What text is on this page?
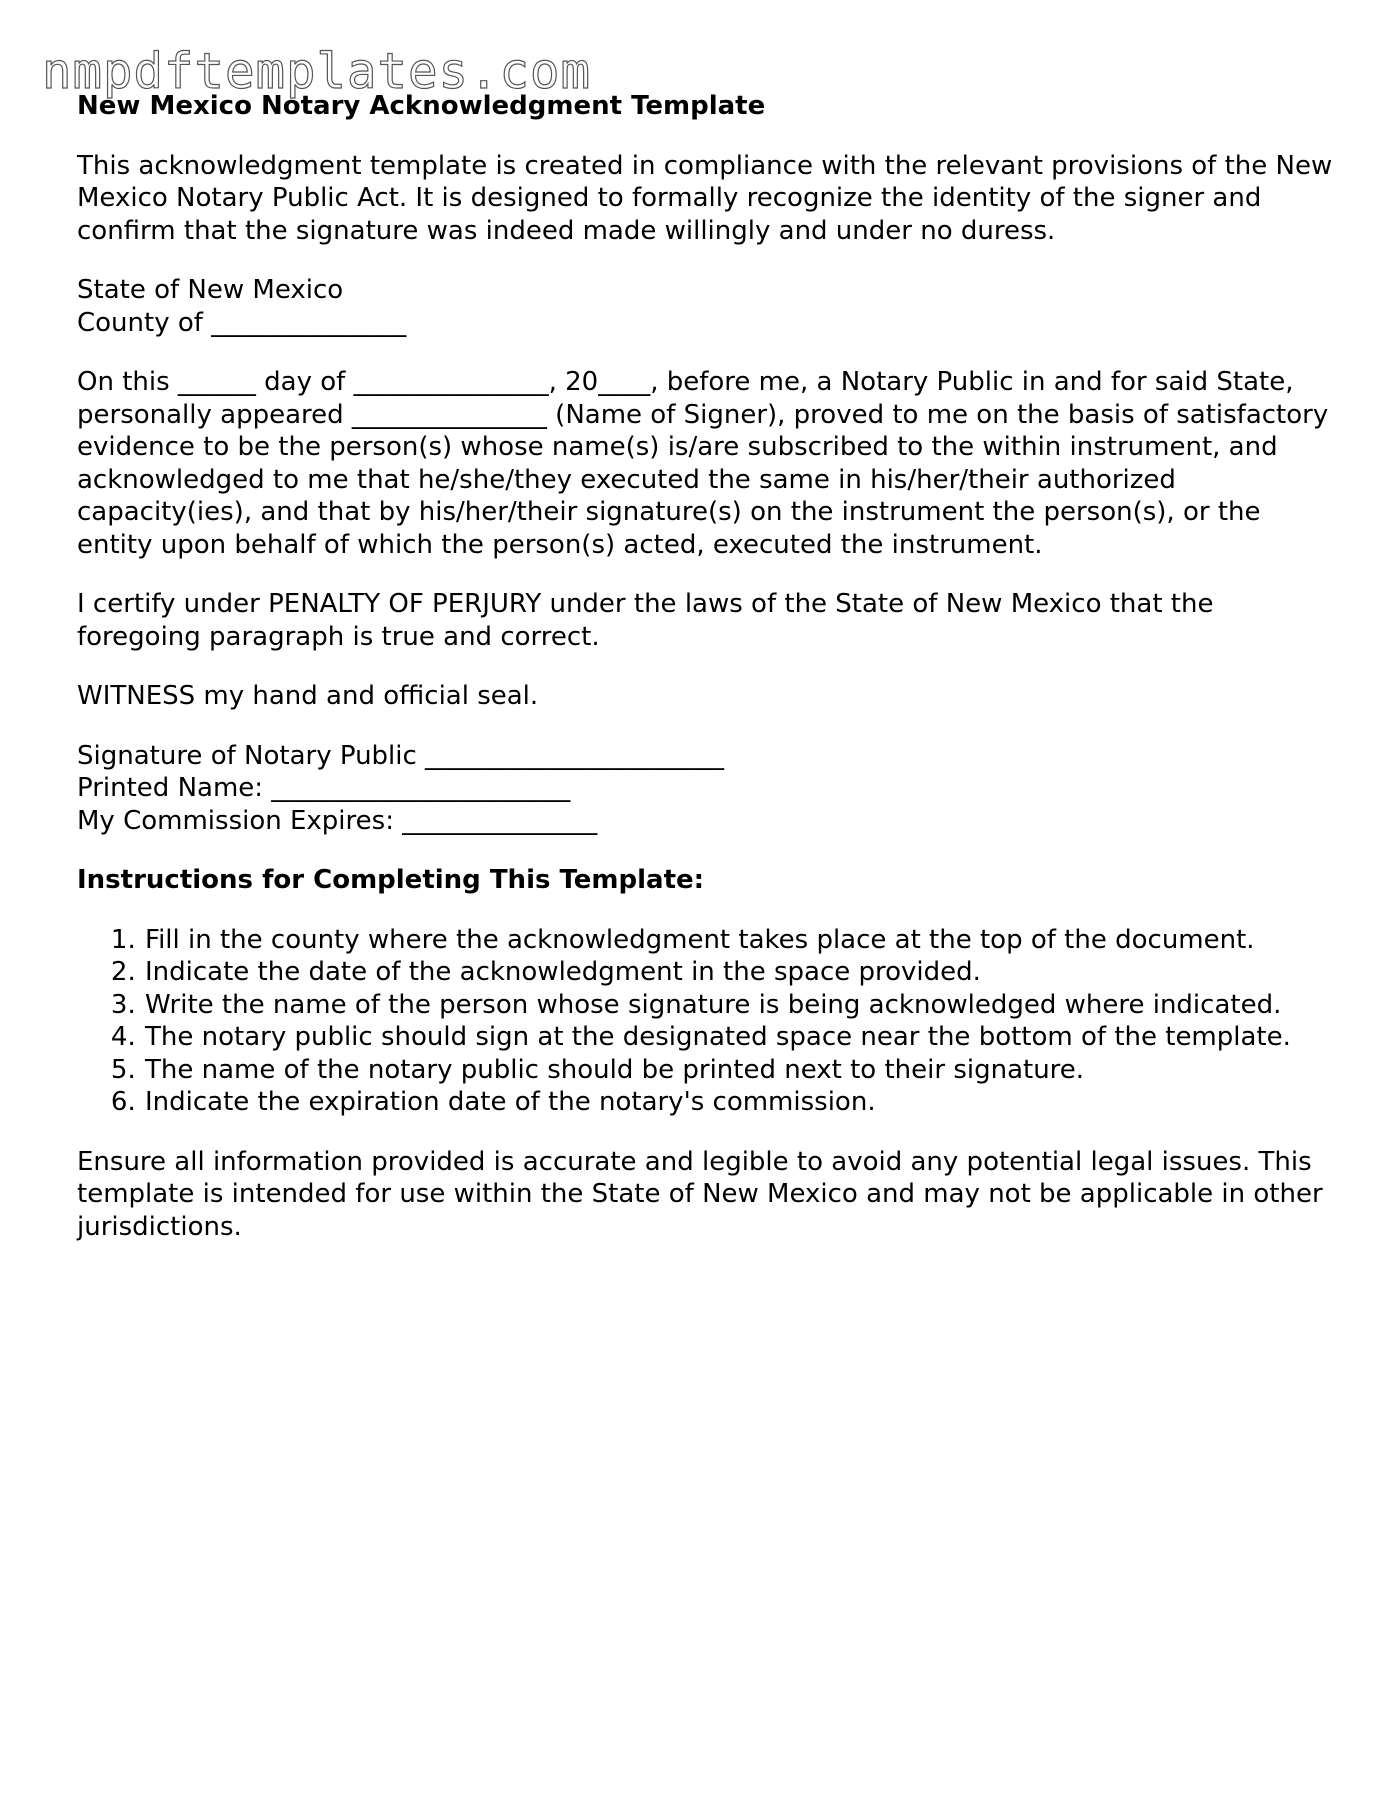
nmpdftemplates.com
New Mexico Notary Acknowledgment Template

This acknowledgment template is created in compliance with the relevant provisions of the New Mexico Notary Public Act. It is designed to formally recognize the identity of the signer and confirm that the signature was indeed made willingly and under no duress.

State of New Mexico
County of _______________

On this ______ day of _______________, 20____, before me, a Notary Public in and for said State, personally appeared _______________ (Name of Signer), proved to me on the basis of satisfactory evidence to be the person(s) whose name(s) is/are subscribed to the within instrument, and acknowledged to me that he/she/they executed the same in his/her/their authorized capacity(ies), and that by his/her/their signature(s) on the instrument the person(s), or the entity upon behalf of which the person(s) acted, executed the instrument.

I certify under PENALTY OF PERJURY under the laws of the State of New Mexico that the foregoing paragraph is true and correct.

WITNESS my hand and official seal.

Signature of Notary Public _______________________
Printed Name: _______________________
My Commission Expires: _______________

Instructions for Completing This Template:
1. Fill in the county where the acknowledgment takes place at the top of the document.
2. Indicate the date of the acknowledgment in the space provided.
3. Write the name of the person whose signature is being acknowledged where indicated.
4. The notary public should sign at the designated space near the bottom of the template.
5. The name of the notary public should be printed next to their signature.
6. Indicate the expiration date of the notary's commission.

Ensure all information provided is accurate and legible to avoid any potential legal issues. This template is intended for use within the State of New Mexico and may not be applicable in other jurisdictions.
